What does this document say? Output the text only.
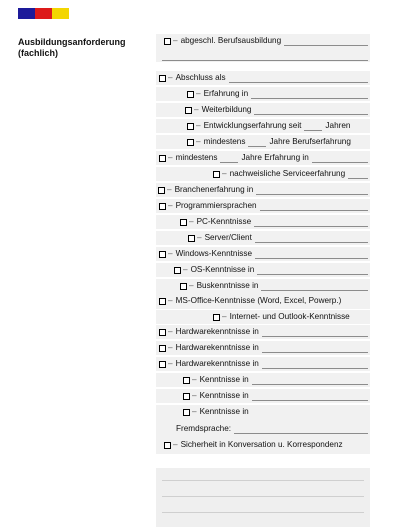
Ausbildungsanforderung (fachlich)
– abgeschl. Berufsausbildung
– Abschluss als
– Erfahrung in
– Weiterbildung
– Entwicklungserfahrung seit	Jahren
– mindestens	Jahre Berufserfahrung
– mindestens	Jahre Erfahrung in
– nachweisliche Serviceerfahrung
– Branchenerfahrung in
– Programmiersprachen
– PC-Kenntnisse
– Server/Client
– Windows-Kenntnisse
– OS-Kenntnisse in
– Buskenntnisse in
– MS-Office-Kenntnisse (Word, Excel, Powerp.)
– Internet- und Outlook-Kenntnisse
– Hardwarekenntnisse in
– Hardwarekenntnisse in
– Hardwarekenntnisse in
– Kenntnisse in
– Kenntnisse in
– Kenntnisse in
Fremdsprache:
– Sicherheit in Konversation u. Korrespondenz
